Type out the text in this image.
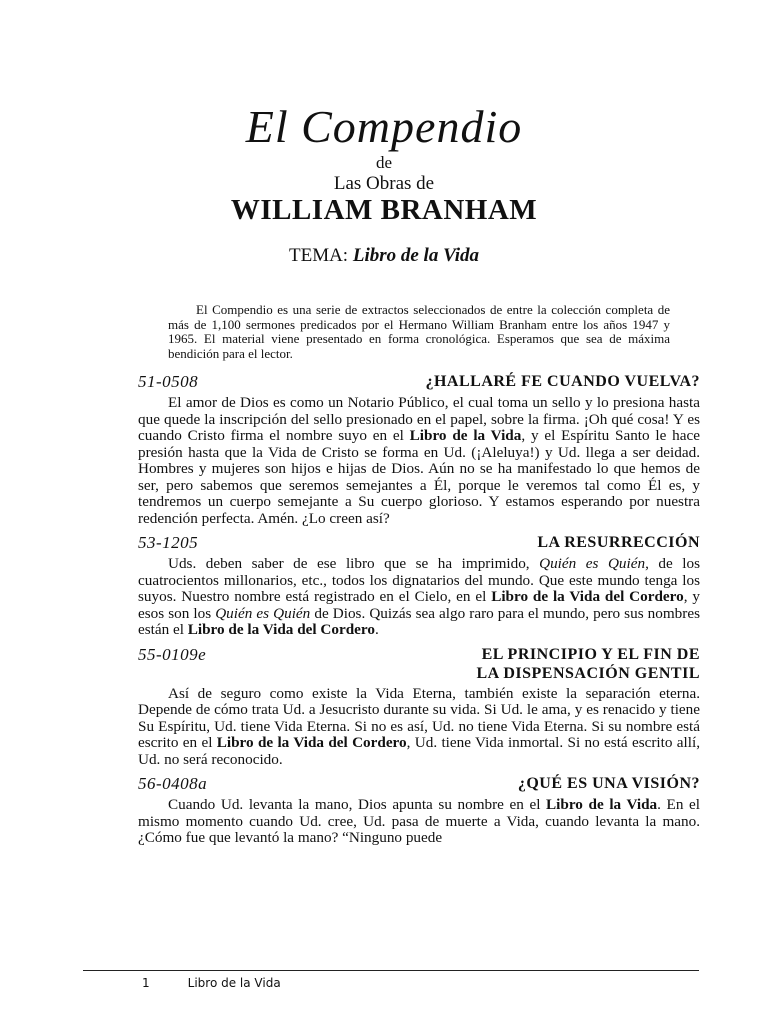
El Compendio
de
Las Obras de
WILLIAM BRANHAM
TEMA: Libro de la Vida

El Compendio es una serie de extractos seleccionados de entre la colección completa de más de 1,100 sermones predicados por el Hermano William Branham entre los años 1947 y 1965. El material viene presentado en forma cronológica. Esperamos que sea de máxima bendición para el lector.

51-0508	¿HALLARÉ FE CUANDO VUELVA?

El amor de Dios es como un Notario Público, el cual toma un sello y lo presiona hasta que quede la inscripción del sello presionado en el papel, sobre la firma. ¡Oh qué cosa! Y es cuando Cristo firma el nombre suyo en el Libro de la Vida, y el Espíritu Santo le hace presión hasta que la Vida de Cristo se forma en Ud. (¡Aleluya!) y Ud. llega a ser deidad. Hombres y mujeres son hijos e hijas de Dios. Aún no se ha manifestado lo que hemos de ser, pero sabemos que seremos semejantes a Él, porque le veremos tal como Él es, y tendremos un cuerpo semejante a Su cuerpo glorioso. Y estamos esperando por nuestra redención perfecta. Amén. ¿Lo creen así?

53-1205	LA RESURRECCIÓN

Uds. deben saber de ese libro que se ha imprimido, Quién es Quién, de los cuatrocientos millonarios, etc., todos los dignatarios del mundo. Que este mundo tenga los suyos. Nuestro nombre está registrado en el Cielo, en el Libro de la Vida del Cordero, y esos son los Quién es Quién de Dios. Quizás sea algo raro para el mundo, pero sus nombres están el Libro de la Vida del Cordero.

55-0109e	EL PRINCIPIO Y EL FIN DE
LA DISPENSACIÓN GENTIL

Así de seguro como existe la Vida Eterna, también existe la separación eterna. Depende de cómo trata Ud. a Jesucristo durante su vida. Si Ud. le ama, y es renacido y tiene Su Espíritu, Ud. tiene Vida Eterna. Si no es así, Ud. no tiene Vida Eterna. Si su nombre está escrito en el Libro de la Vida del Cordero, Ud. tiene Vida inmortal. Si no está escrito allí, Ud. no será reconocido.

56-0408a	¿QUÉ ES UNA VISIÓN?

Cuando Ud. levanta la mano, Dios apunta su nombre en el Libro de la Vida. En el mismo momento cuando Ud. cree, Ud. pasa de muerte a Vida, cuando levanta la mano. ¿Cómo fue que levantó la mano? “Ninguno puede

1	Libro de la Vida
